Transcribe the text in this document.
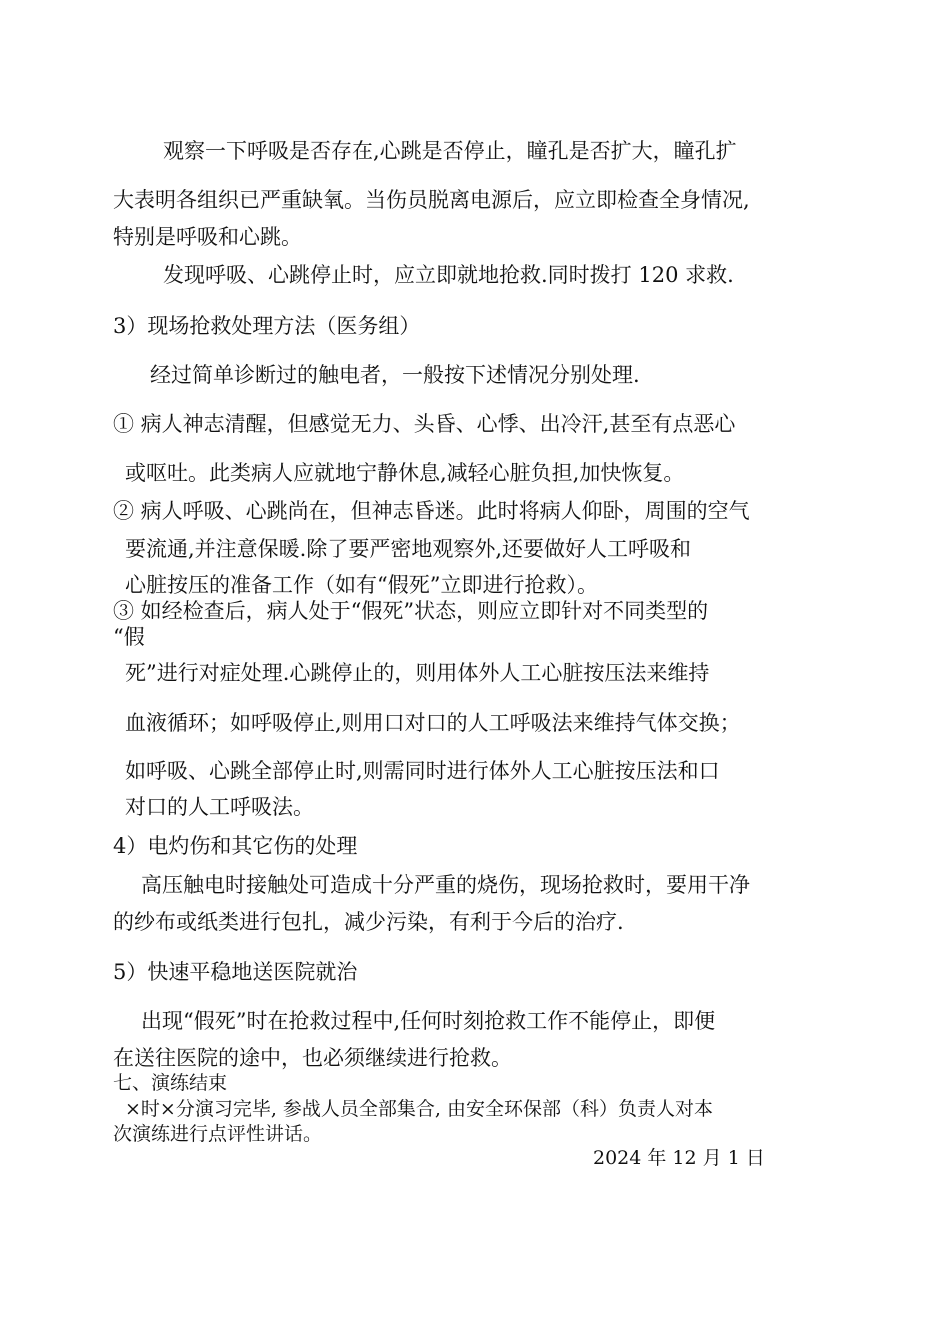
观察一下呼吸是否存在,心跳是否停止，瞳孔是否扩大，瞳孔扩
大表明各组织已严重缺氧。当伤员脱离电源后，应立即检查全身情况,
特别是呼吸和心跳。
发现呼吸、心跳停止时，应立即就地抢救.同时拨打 120 求救.
3）现场抢救处理方法（医务组）
经过简单诊断过的触电者，一般按下述情况分别处理.
① 病人神志清醒，但感觉无力、头昏、心悸、出冷汗,甚至有点恶心
或呕吐。此类病人应就地宁静休息,减轻心脏负担,加快恢复。
② 病人呼吸、心跳尚在，但神志昏迷。此时将病人仰卧，周围的空气
要流通,并注意保暖.除了要严密地观察外,还要做好人工呼吸和
心脏按压的准备工作（如有“假死”立即进行抢救）。
③ 如经检查后，病人处于“假死”状态，则应立即针对不同类型的
“假
死”进行对症处理.心跳停止的，则用体外人工心脏按压法来维持
血液循环；如呼吸停止,则用口对口的人工呼吸法来维持气体交换；
如呼吸、心跳全部停止时,则需同时进行体外人工心脏按压法和口
对口的人工呼吸法。
4）电灼伤和其它伤的处理
高压触电时接触处可造成十分严重的烧伤，现场抢救时，要用干净
的纱布或纸类进行包扎，减少污染，有利于今后的治疗.
5）快速平稳地送医院就治
出现“假死”时在抢救过程中,任何时刻抢救工作不能停止，即便
在送往医院的途中，也必须继续进行抢救。
七、演练结束
×时×分演习完毕, 参战人员全部集合, 由安全环保部（科）负责人对本
次演练进行点评性讲话。
2024 年 12 月 1 日
